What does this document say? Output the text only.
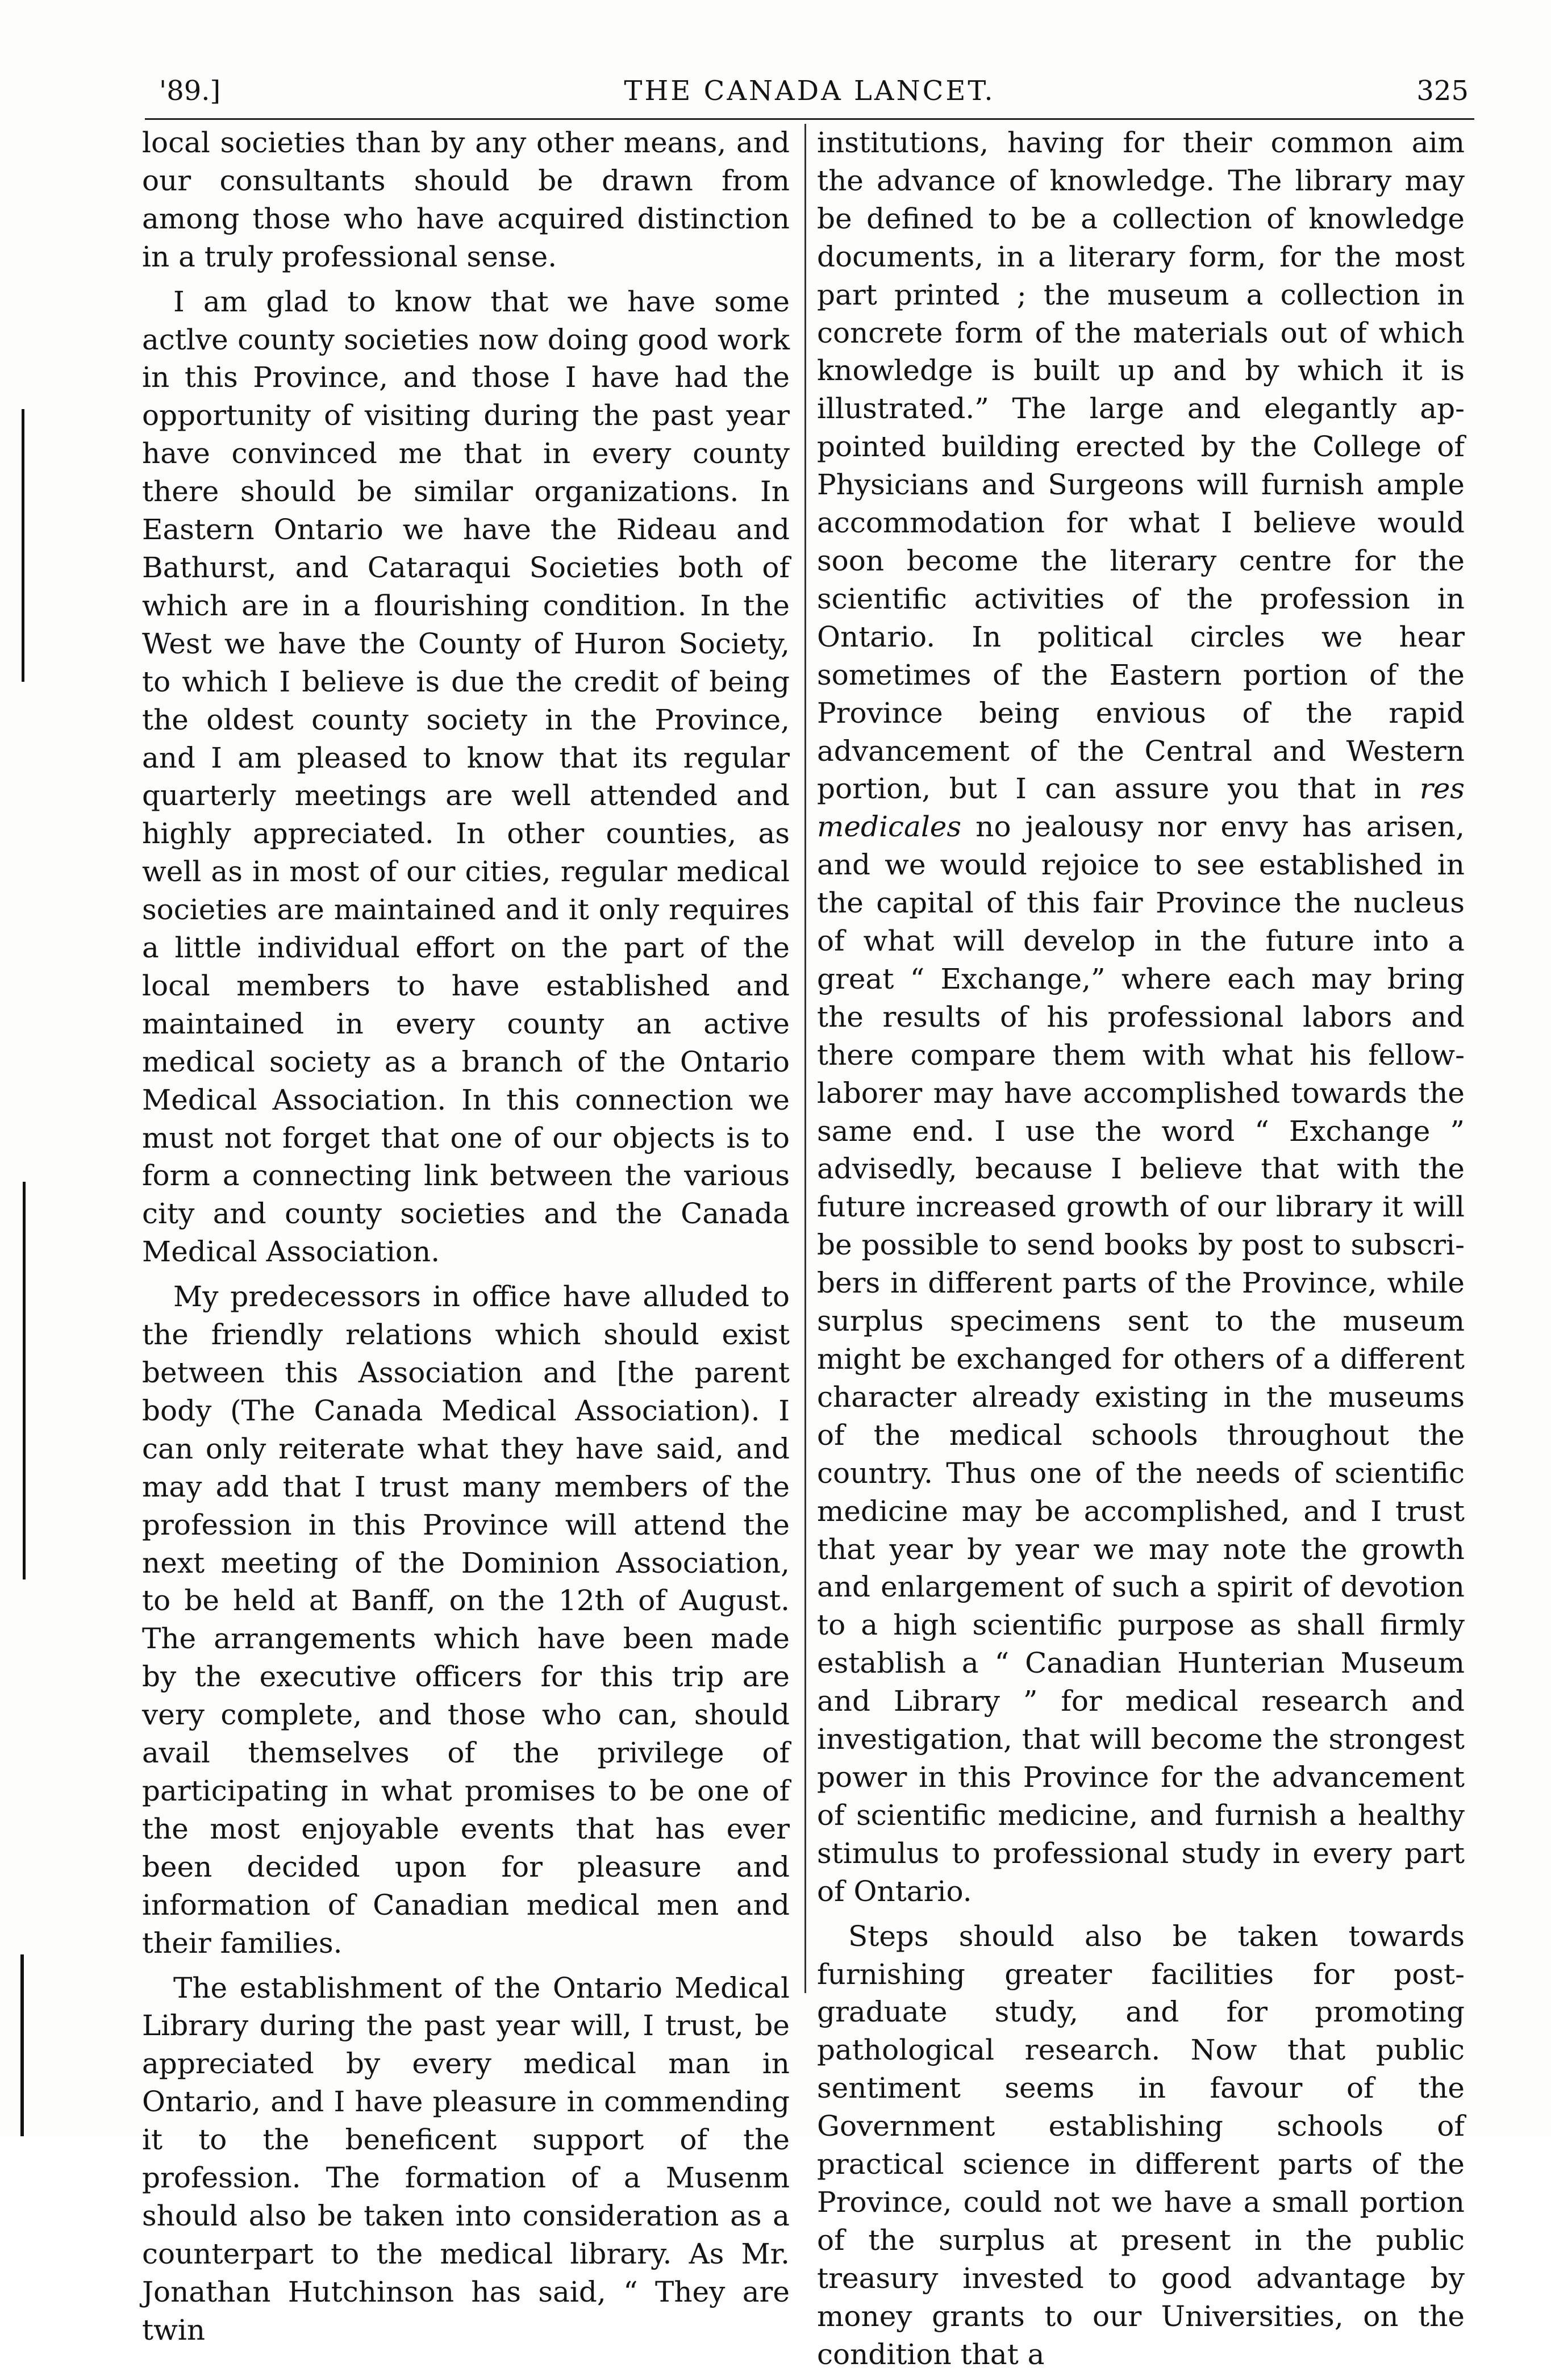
'89.]	THE CANADA LANCET.	325

local societies than by any other means, and our consultants should be drawn from among those who have acquired distinction in a truly professional sense.

I am glad to know that we have some actlve county societies now doing good work in this Province, and those I have had the opportunity of visiting during the past year have convinced me that in every county there should be similar organizations. In Eastern Ontario we have the Rideau and Bathurst, and Cataraqui Societies both of which are in a flourishing condition. In the West we have the County of Huron Society, to which I believe is due the credit of being the oldest county society in the Province, and I am pleased to know that its regular quarterly meetings are well attended and highly appreciated. In other counties, as well as in most of our cities, regular medical societies are maintained and it only requires a little individual effort on the part of the local members to have established and maintained in every county an active medical society as a branch of the Ontario Medical Association. In this connection we must not forget that one of our objects is to form a connecting link between the various city and county societies and the Canada Medical Association.

My predecessors in office have alluded to the friendly relations which should exist between this Association and [the parent body (The Canada Medical Association). I can only reiterate what they have said, and may add that I trust many members of the profession in this Province will attend the next meeting of the Dominion Association, to be held at Banff, on the 12th of August. The arrangements which have been made by the executive officers for this trip are very complete, and those who can, should avail themselves of the privilege of participating in what promises to be one of the most enjoyable events that has ever been decided upon for pleasure and information of Canadian medical men and their families.

The establishment of the Ontario Medical Library during the past year will, I trust, be appreciated by every medical man in Ontario, and I have pleasure in commending it to the beneficent support of the profession. The formation of a Musenm should also be taken into consideration as a counterpart to the medical library. As Mr. Jonathan Hutchinson has said, “ They are twin

institutions, having for their common aim the advance of knowledge. The library may be defined to be a collection of knowledge documents, in a literary form, for the most part printed ; the museum a collection in concrete form of the materials out of which knowledge is built up and by which it is illustrated.” The large and elegantly appointed building erected by the College of Physicians and Surgeons will furnish ample accommodation for what I believe would soon become the literary centre for the scientific activities of the profession in Ontario. In political circles we hear sometimes of the Eastern portion of the Province being envious of the rapid advancement of the Central and Western portion, but I can assure you that in res medicales no jealousy nor envy has arisen, and we would rejoice to see established in the capital of this fair Province the nucleus of what will develop in the future into a great “ Exchange,” where each may bring the results of his professional labors and there compare them with what his fellow-laborer may have accomplished towards the same end. I use the word “ Exchange ” advisedly, because I believe that with the future increased growth of our library it will be possible to send books by post to subscribers in different parts of the Province, while surplus specimens sent to the museum might be exchanged for others of a different character already existing in the museums of the medical schools throughout the country. Thus one of the needs of scientific medicine may be accomplished, and I trust that year by year we may note the growth and enlargement of such a spirit of devotion to a high scientific purpose as shall firmly establish a “ Canadian Hunterian Museum and Library ” for medical research and investigation, that will become the strongest power in this Province for the advancement of scientific medicine, and furnish a healthy stimulus to professional study in every part of Ontario.

Steps should also be taken towards furnishing greater facilities for post-graduate study, and for promoting pathological research. Now that public sentiment seems in favour of the Government establishing schools of practical science in different parts of the Province, could not we have a small portion of the surplus at present in the public treasury invested to good advantage by money grants to our Universities, on the condition that a
